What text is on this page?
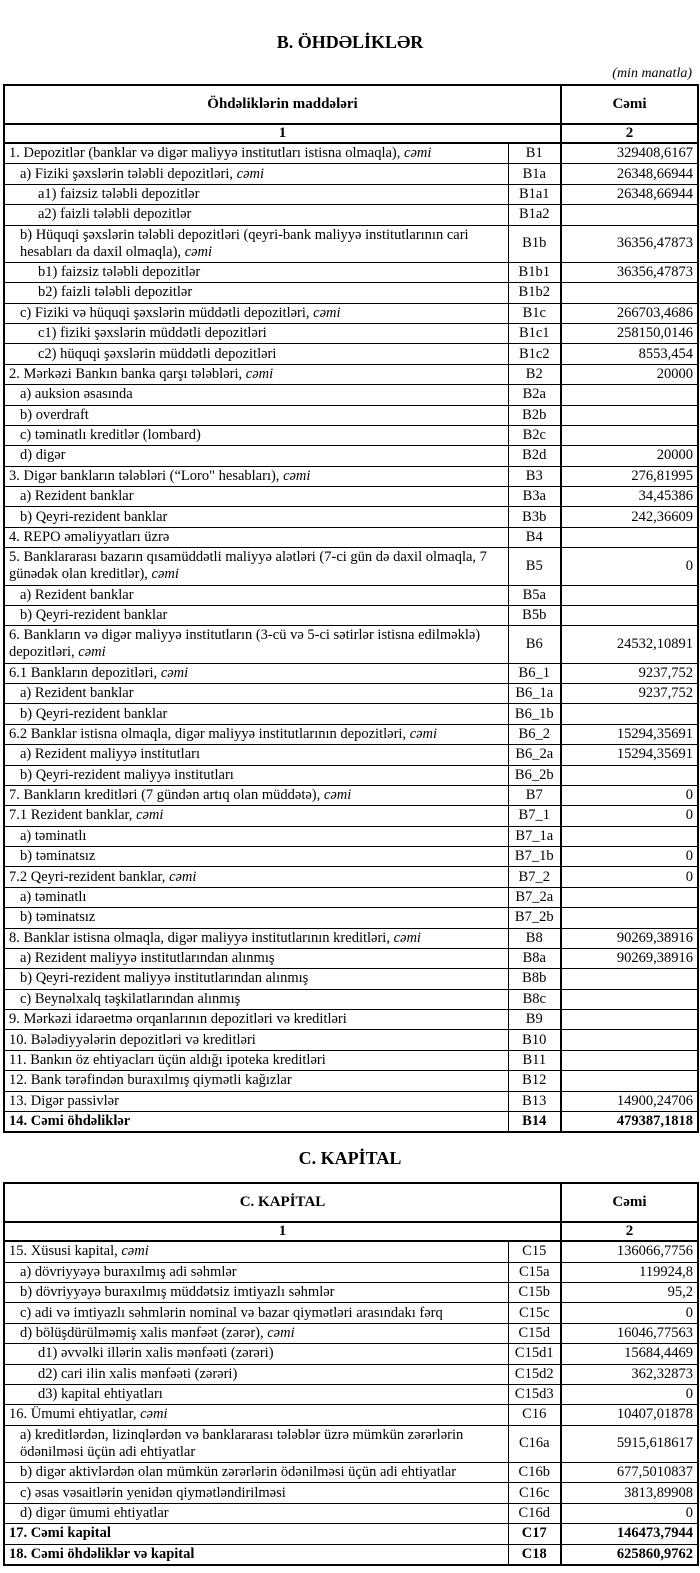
B. ÖHDƏLİKLƏR
(min manatla)
Öhdəliklərin maddələri		Cəmi
1		2
1. Depozitlər (banklar və digər maliyyə institutları istisna olmaqla), cəmi	B1	329408,6167
a) Fiziki şəxslərin tələbli depozitləri, cəmi	B1a	26348,66944
a1) faizsiz tələbli depozitlər	B1a1	26348,66944
a2) faizli tələbli depozitlər	B1a2	
b) Hüquqi şəxslərin tələbli depozitləri (qeyri-bank maliyyə institutlarının cari hesabları da daxil olmaqla), cəmi	B1b	36356,47873
b1) faizsiz tələbli depozitlər	B1b1	36356,47873
b2) faizli tələbli depozitlər	B1b2	
c) Fiziki və hüquqi şəxslərin müddətli depozitləri, cəmi	B1c	266703,4686
c1) fiziki şəxslərin müddətli depozitləri	B1c1	258150,0146
c2) hüquqi şəxslərin müddətli depozitləri	B1c2	8553,454
2. Mərkəzi Bankın banka qarşı tələbləri, cəmi	B2	20000
a) auksion əsasında	B2a	
b) overdraft	B2b	
c) təminatlı kreditlər (lombard)	B2c	
d) digər	B2d	20000
3. Digər bankların tələbləri (“Loro" hesabları), cəmi	B3	276,81995
a) Rezident banklar	B3a	34,45386
b) Qeyri-rezident banklar	B3b	242,36609
4. REPO əməliyyatları üzrə	B4	
5. Banklararası bazarın qısamüddətli maliyyə alətləri (7-ci gün də daxil olmaqla, 7 günədək olan kreditlər), cəmi	B5	0
a) Rezident banklar	B5a	
b) Qeyri-rezident banklar	B5b	
6. Bankların və digər maliyyə institutların (3-cü və 5-ci sətirlər istisna edilməklə) depozitləri, cəmi	B6	24532,10891
6.1 Bankların depozitləri, cəmi	B6_1	9237,752
a) Rezident banklar	B6_1a	9237,752
b) Qeyri-rezident banklar	B6_1b	
6.2 Banklar istisna olmaqla, digər maliyyə institutlarının depozitləri, cəmi	B6_2	15294,35691
a) Rezident maliyyə institutları	B6_2a	15294,35691
b) Qeyri-rezident maliyyə institutları	B6_2b	
7. Bankların kreditləri (7 gündən artıq olan müddətə), cəmi	B7	0
7.1 Rezident banklar, cəmi	B7_1	0
a) təminatlı	B7_1a	
b) təminatsız	B7_1b	0
7.2 Qeyri-rezident banklar, cəmi	B7_2	0
a) təminatlı	B7_2a	
b) təminatsız	B7_2b	
8. Banklar istisna olmaqla, digər maliyyə institutlarının kreditləri, cəmi	B8	90269,38916
a) Rezident maliyyə institutlarından alınmış	B8a	90269,38916
b) Qeyri-rezident maliyyə institutlarından alınmış	B8b	
c) Beynəlxalq təşkilatlarından alınmış	B8c	
9. Mərkəzi idarəetmə orqanlarının depozitləri və kreditləri	B9	
10. Bələdiyyələrin depozitləri və kreditləri	B10	
11. Bankın öz ehtiyacları üçün aldığı ipoteka kreditləri	B11	
12. Bank tərəfindən buraxılmış qiymətli kağızlar	B12	
13. Digər passivlər	B13	14900,24706
14. Cəmi öhdəliklər	B14	479387,1818
C. KAPİTAL
C. KAPİTAL		Cəmi
1		2
15. Xüsusi kapital, cəmi	C15	136066,7756
a) dövriyyəyə buraxılmış adi səhmlər	C15a	119924,8
b) dövriyyəyə buraxılmış müddətsiz imtiyazlı səhmlər	C15b	95,2
c) adi və imtiyazlı səhmlərin nominal və bazar qiymətləri arasındakı fərq	C15c	0
d) bölüşdürülməmiş xalis mənfəət (zərər), cəmi	C15d	16046,77563
d1) əvvəlki illərin xalis mənfəəti (zərəri)	C15d1	15684,4469
d2) cari ilin xalis mənfəəti (zərəri)	C15d2	362,32873
d3) kapital ehtiyatları	C15d3	0
16. Ümumi ehtiyatlar, cəmi	C16	10407,01878
a) kreditlərdən, lizinqlərdən və banklararası tələblər üzrə mümkün zərərlərin ödənilməsi üçün adi ehtiyatlar	C16a	5915,618617
b) digər aktivlərdən olan mümkün zərərlərin ödənilməsi üçün adi ehtiyatlar	C16b	677,5010837
c) əsas vəsaitlərin yenidən qiymətləndirilməsi	C16c	3813,89908
d) digər ümumi ehtiyatlar	C16d	0
17. Cəmi kapital	C17	146473,7944
18. Cəmi öhdəliklər və kapital	C18	625860,9762
